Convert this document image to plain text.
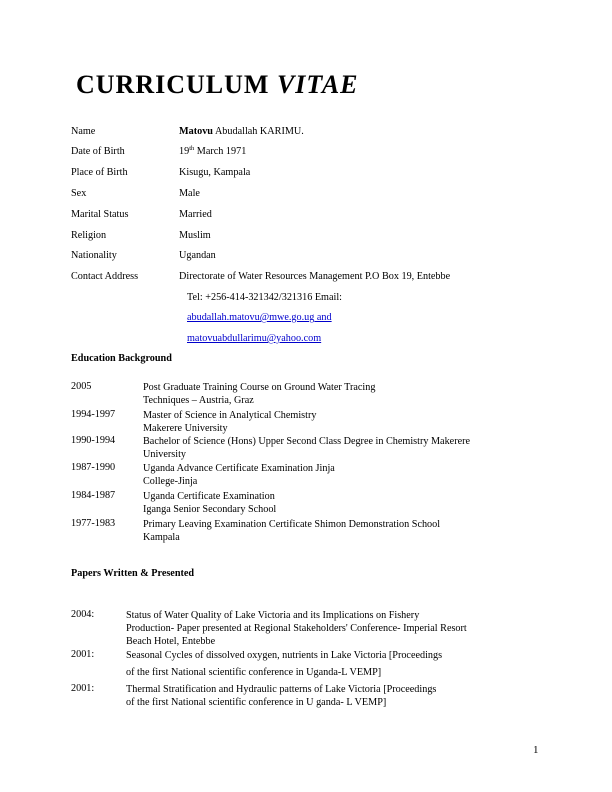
CURRICULUM VITAE
Name	Matovu Abudallah KARIMU.
Date of Birth	19th March 1971
Place of Birth	Kisugu, Kampala
Sex	Male
Marital Status	Married
Religion	Muslim
Nationality	Ugandan
Contact Address	Directorate of Water Resources Management P.O Box 19, Entebbe
Tel: +256-414-321342/321316 Email:
abudallah.matovu@mwe.go.ug and
matovuabdullarimu@yahoo.com
Education Background
2005	Post Graduate Training Course on Ground Water Tracing
Techniques – Austria, Graz
1994-1997	Master of Science in Analytical Chemistry
Makerere University
1990-1994	Bachelor of Science (Hons) Upper Second Class Degree in Chemistry Makerere
University
1987-1990	Uganda Advance Certificate Examination Jinja
College-Jinja
1984-1987	Uganda Certificate Examination
Iganga Senior Secondary School
1977-1983	Primary Leaving Examination Certificate Shimon Demonstration School
Kampala
Papers Written & Presented
2004:	Status of Water Quality of Lake Victoria and its Implications on Fishery
Production- Paper presented at Regional Stakeholders' Conference- Imperial Resort
Beach Hotel, Entebbe
2001:	Seasonal Cycles of dissolved oxygen, nutrients in Lake Victoria [Proceedings
of the first National scientific conference in Uganda-L VEMP]
2001:	Thermal Stratification and Hydraulic patterns of Lake Victoria [Proceedings
of the first National scientific conference in U ganda- L VEMP]
1
